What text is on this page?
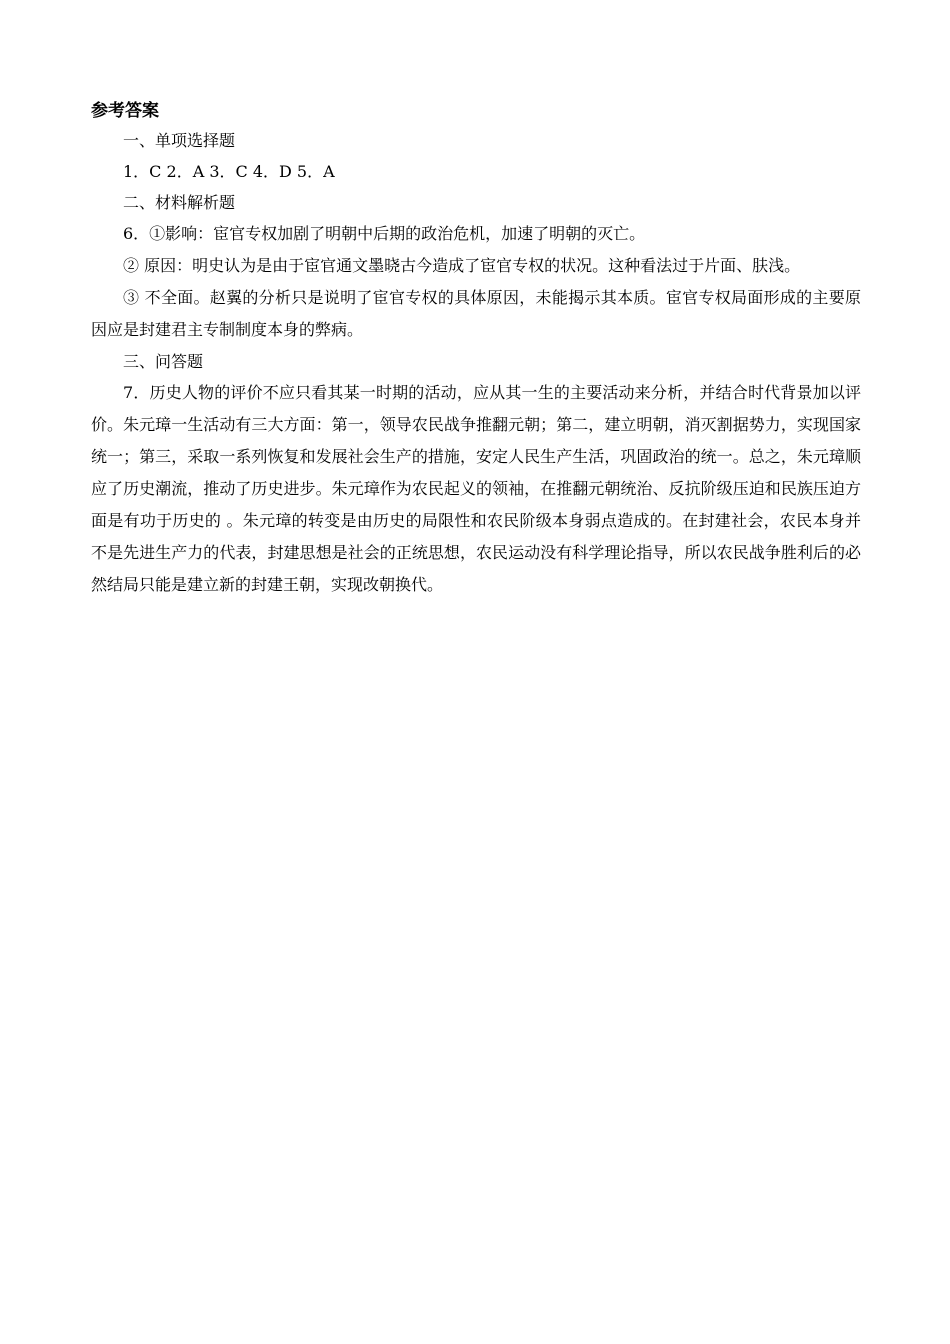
参考答案

一、单项选择题

1．C 2．A 3．C 4．D 5．A

二、材料解析题

6．①影响：宦官专权加剧了明朝中后期的政治危机，加速了明朝的灭亡。

② 原因：明史认为是由于宦官通文墨晓古今造成了宦官专权的状况。这种看法过于片面、肤浅。

③ 不全面。赵翼的分析只是说明了宦官专权的具体原因，未能揭示其本质。宦官专权局面形成的主要原因应是封建君主专制制度本身的弊病。

三、问答题

7．历史人物的评价不应只看其某一时期的活动，应从其一生的主要活动来分析，并结合时代背景加以评价。朱元璋一生活动有三大方面：第一，领导农民战争推翻元朝；第二，建立明朝，消灭割据势力，实现国家统一；第三，采取一系列恢复和发展社会生产的措施，安定人民生产生活，巩固政治的统一。总之，朱元璋顺应了历史潮流，推动了历史进步。朱元璋作为农民起义的领袖，在推翻元朝统治、反抗阶级压迫和民族压迫方面是有功于历史的 。朱元璋的转变是由历史的局限性和农民阶级本身弱点造成的。在封建社会，农民本身并不是先进生产力的代表，封建思想是社会的正统思想，农民运动没有科学理论指导，所以农民战争胜利后的必然结局只能是建立新的封建王朝，实现改朝换代。
